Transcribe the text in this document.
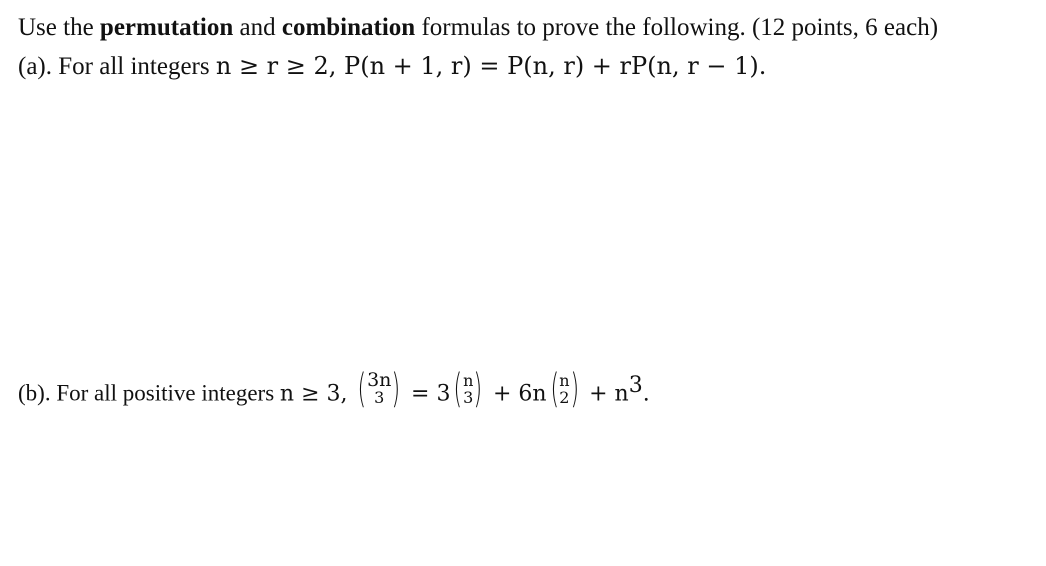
Use the permutation and combination formulas to prove the following. (12 points, 6 each)
(a). For all integers n ≥ r ≥ 2, P(n + 1, r) = P(n, r) + rP(n, r − 1).
(b). For all positive integers n ≥ 3, ( 3n
3 ) = 3 ( n
3 ) + 6n ( n
2 ) + $n^3$.
